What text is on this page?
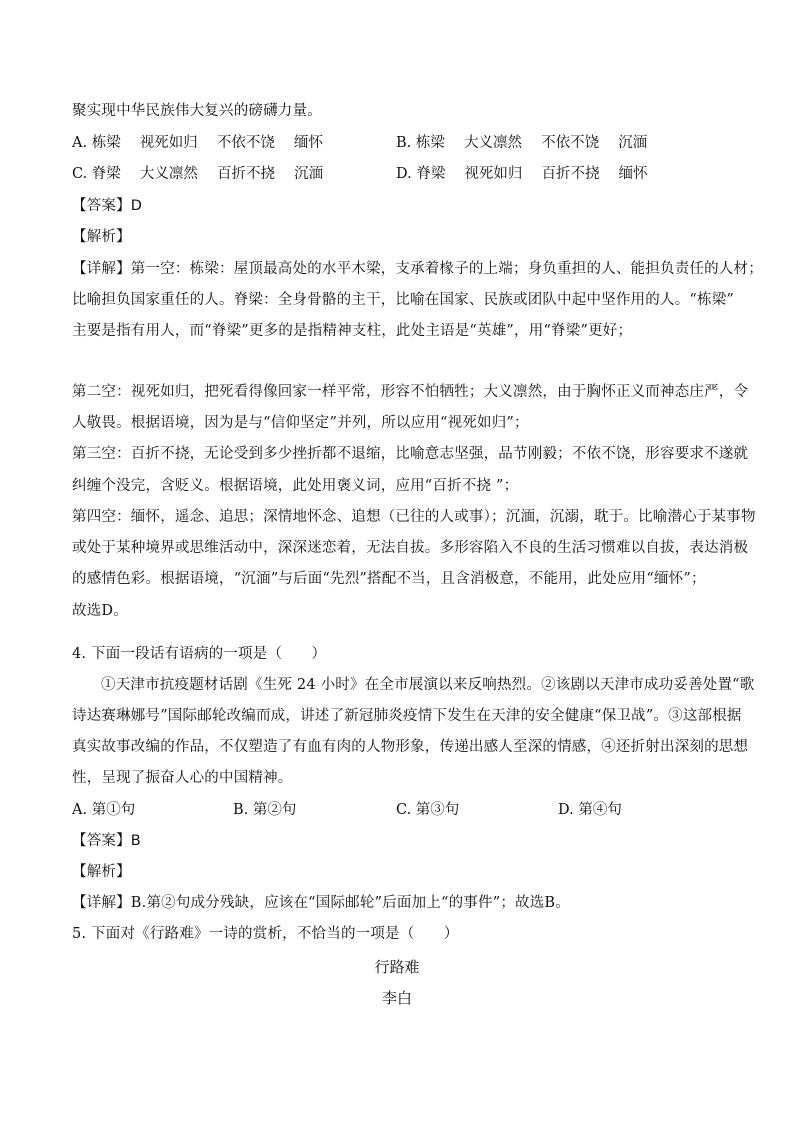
聚实现中华民族伟大复兴的磅礴力量。
A. 栋梁　 视死如归　 不依不饶　 缅怀	B. 栋梁　 大义凛然　 不依不饶　 沉湎
C. 脊梁　 大义凛然　 百折不挠　 沉湎	D. 脊梁　 视死如归　 百折不挠　 缅怀
【答案】D
【解析】
【详解】第一空：栋梁：屋顶最高处的水平木梁，支承着椽子的上端；身负重担的人、能担负责任的人材；
比喻担负国家重任的人。脊梁：全身骨骼的主干，比喻在国家、民族或团队中起中坚作用的人。“栋梁”
主要是指有用人，而“脊梁”更多的是指精神支柱，此处主语是“英雄”，用“脊梁”更好；
第二空：视死如归，把死看得像回家一样平常，形容不怕牺牲；大义凛然，由于胸怀正义而神态庄严，令
人敬畏。根据语境，因为是与“信仰坚定”并列，所以应用“视死如归”；
第三空：百折不挠，无论受到多少挫折都不退缩，比喻意志坚强，品节刚毅；不依不饶，形容要求不遂就
纠缠个没完，含贬义。根据语境，此处用褒义词，应用“百折不挠 ”；
第四空：缅怀，遥念、追思；深情地怀念、追想（已往的人或事）；沉湎，沉溺，耽于。比喻潜心于某事物
或处于某种境界或思维活动中，深深迷恋着，无法自拔。多形容陷入不良的生活习惯难以自拔，表达消极
的感情色彩。根据语境，“沉湎”与后面“先烈”搭配不当，且含消极意，不能用，此处应用“缅怀”；
故选D。
4. 下面一段话有语病的一项是（　　）
①天津市抗疫题材话剧《生死 24 小时》在全市展演以来反响热烈。②该剧以天津市成功妥善处置“歌
诗达赛琳娜号”国际邮轮改编而成，讲述了新冠肺炎疫情下发生在天津的安全健康“保卫战”。③这部根据
真实故事改编的作品，不仅塑造了有血有肉的人物形象，传递出感人至深的情感，④还折射出深刻的思想
性，呈现了振奋人心的中国精神。
A. 第①句	B. 第②句	C. 第③句	D. 第④句
【答案】B
【解析】
【详解】B.第②句成分残缺，应该在“国际邮轮”后面加上“的事件”；故选B。
5. 下面对《行路难》一诗的赏析，不恰当的一项是（　　）
行路难
李白
